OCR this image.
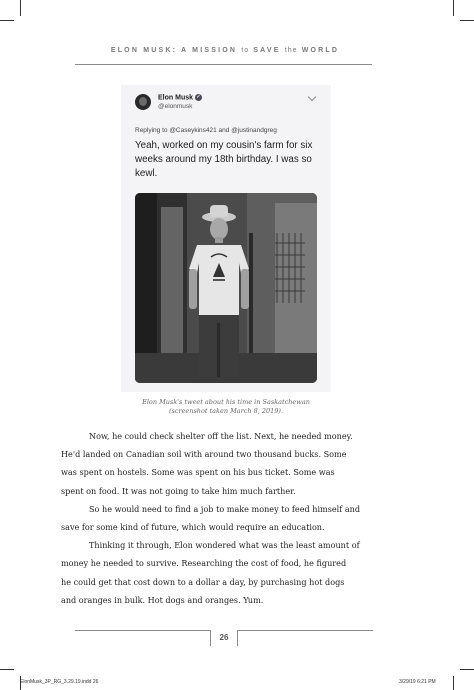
ELON MUSK: A MISSION to SAVE the WORLD
Elon Musk ✓
@elonmusk
Replying to @Caseykins421 and @justinandgreg
Yeah, worked on my cousin's farm for six weeks around my 18th birthday. I was so kewl.
Elon Musk's tweet about his time in Saskatchewan
(screenshot taken March 8, 2019).

Now, he could check shelter off the list. Next, he needed money.
He'd landed on Canadian soil with around two thousand bucks. Some
was spent on hostels. Some was spent on his bus ticket. Some was
spent on food. It was not going to take him much farther.

So he would need to find a job to make money to feed himself and
save for some kind of future, which would require an education.

Thinking it through, Elon wondered what was the least amount of
money he needed to survive. Researching the cost of food, he figured
he could get that cost down to a dollar a day, by purchasing hot dogs
and oranges in bulk. Hot dogs and oranges. Yum.

26
ElonMusk_3P_RG_3.29.19.indd 26	3/29/19 6:21 PM
